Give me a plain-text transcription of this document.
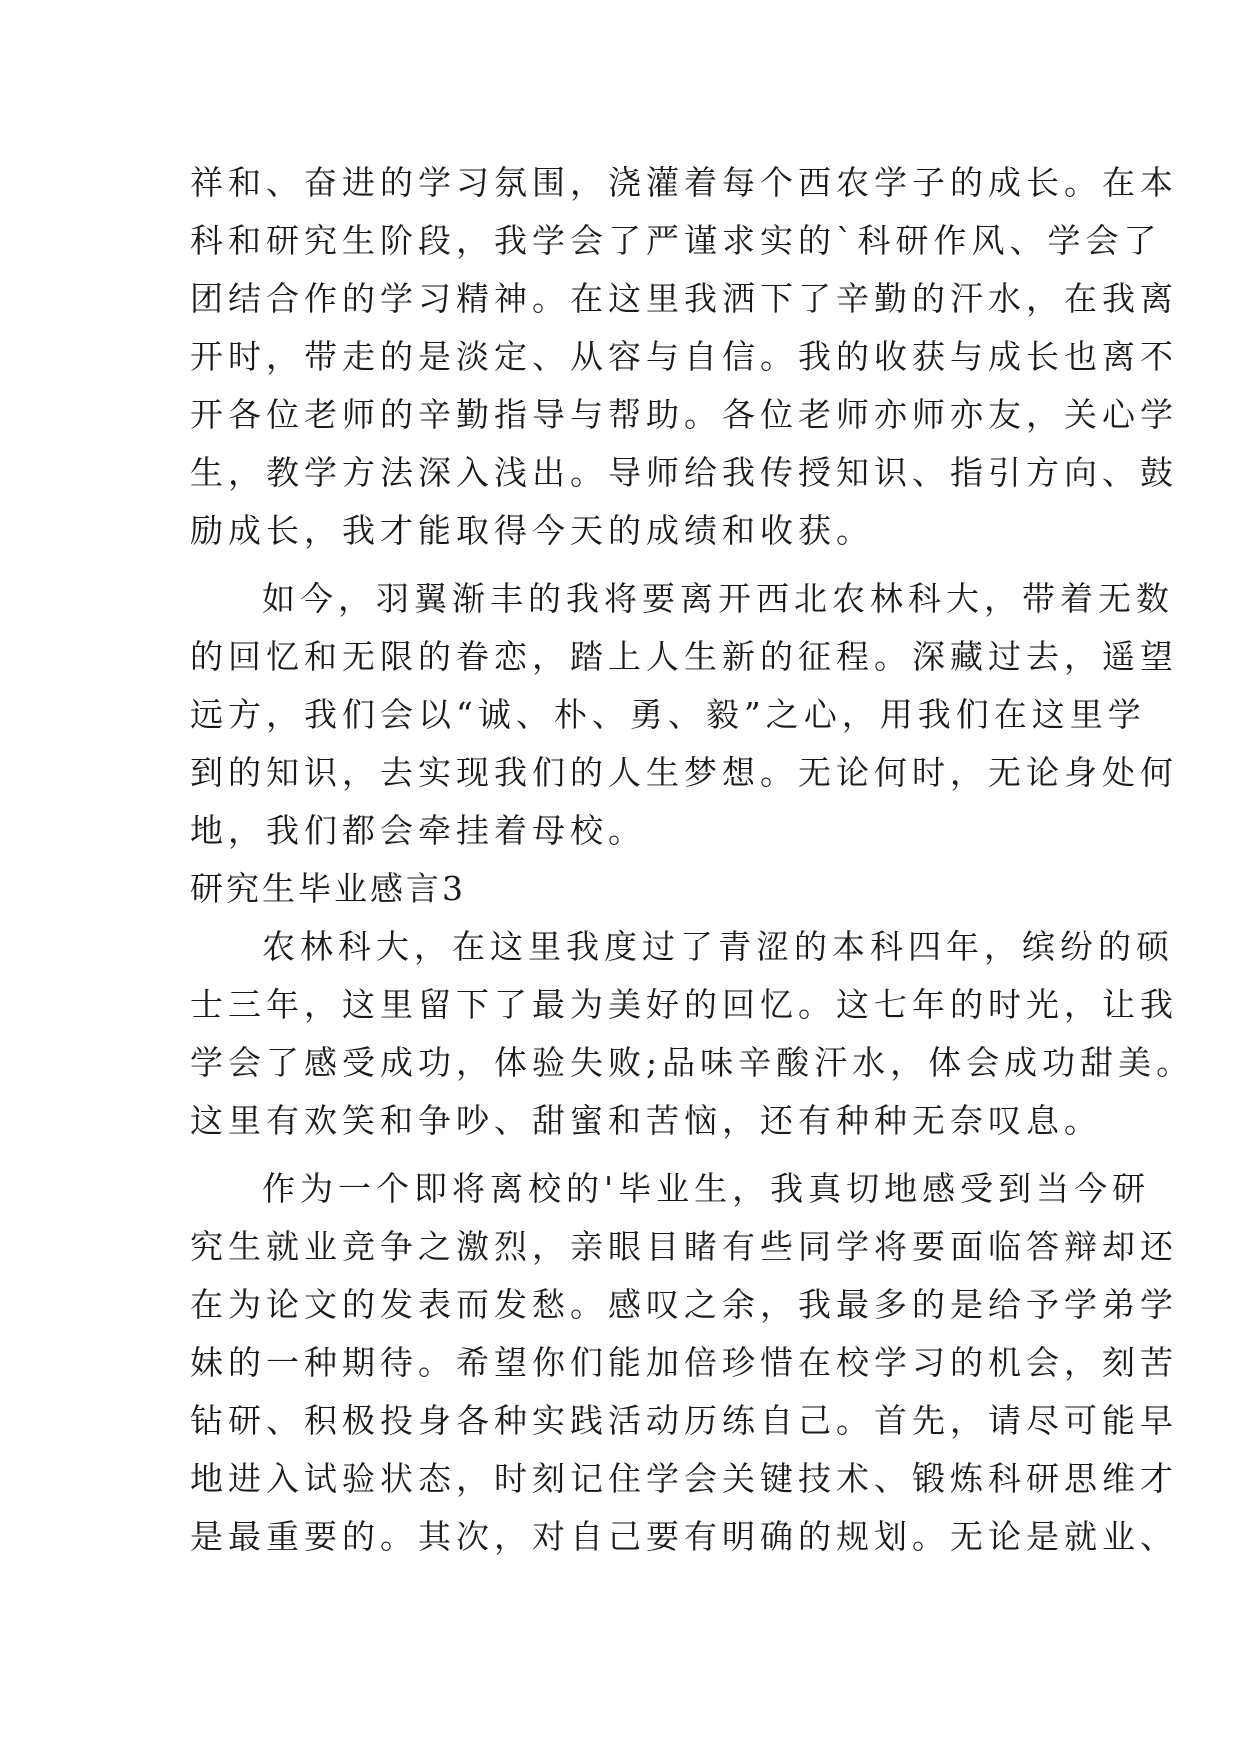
祥和、奋进的学习氛围，浇灌着每个西农学子的成长。在本
科和研究生阶段，我学会了严谨求实的`科研作风、学会了
团结合作的学习精神。在这里我洒下了辛勤的汗水，在我离
开时，带走的是淡定、从容与自信。我的收获与成长也离不
开各位老师的辛勤指导与帮助。各位老师亦师亦友，关心学
生，教学方法深入浅出。导师给我传授知识、指引方向、鼓
励成长，我才能取得今天的成绩和收获。
如今，羽翼渐丰的我将要离开西北农林科大，带着无数
的回忆和无限的眷恋，踏上人生新的征程。深藏过去，遥望
远方，我们会以“诚、朴、勇、毅”之心，用我们在这里学
到的知识，去实现我们的人生梦想。无论何时，无论身处何
地，我们都会牵挂着母校。
研究生毕业感言3
农林科大，在这里我度过了青涩的本科四年，缤纷的硕
士三年，这里留下了最为美好的回忆。这七年的时光，让我
学会了感受成功，体验失败;品味辛酸汗水，体会成功甜美。
这里有欢笑和争吵、甜蜜和苦恼，还有种种无奈叹息。
作为一个即将离校的'毕业生，我真切地感受到当今研
究生就业竞争之激烈，亲眼目睹有些同学将要面临答辩却还
在为论文的发表而发愁。感叹之余，我最多的是给予学弟学
妹的一种期待。希望你们能加倍珍惜在校学习的机会，刻苦
钻研、积极投身各种实践活动历练自己。首先，请尽可能早
地进入试验状态，时刻记住学会关键技术、锻炼科研思维才
是最重要的。其次，对自己要有明确的规划。无论是就业、
